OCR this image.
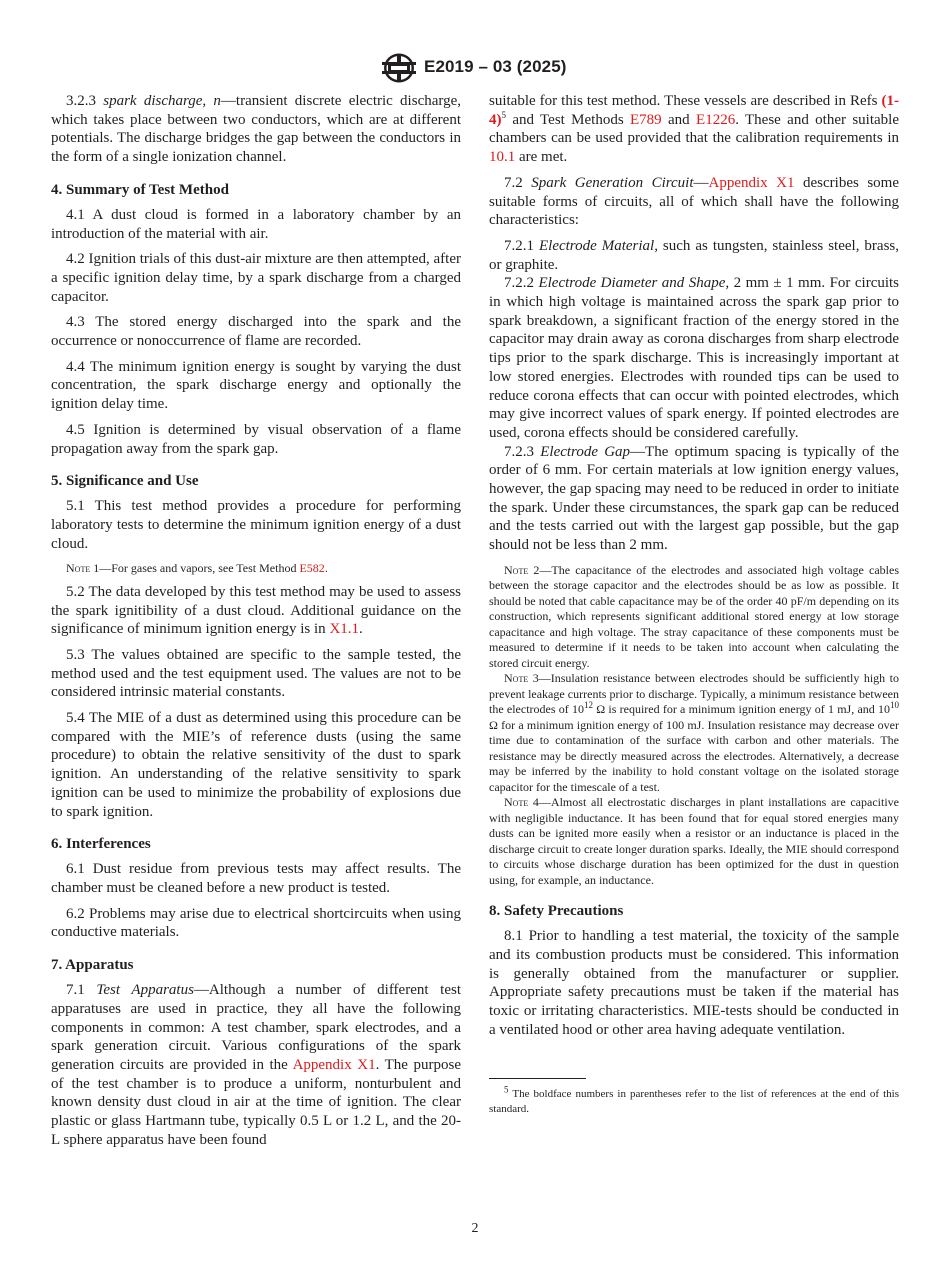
E2019 – 03 (2025)

3.2.3 spark discharge, n—transient discrete electric discharge, which takes place between two conductors, which are at different potentials. The discharge bridges the gap between the conductors in the form of a single ionization channel.

4. Summary of Test Method

4.1 A dust cloud is formed in a laboratory chamber by an introduction of the material with air.

4.2 Ignition trials of this dust-air mixture are then attempted, after a specific ignition delay time, by a spark discharge from a charged capacitor.

4.3 The stored energy discharged into the spark and the occurrence or nonoccurrence of flame are recorded.

4.4 The minimum ignition energy is sought by varying the dust concentration, the spark discharge energy and optionally the ignition delay time.

4.5 Ignition is determined by visual observation of a flame propagation away from the spark gap.

5. Significance and Use

5.1 This test method provides a procedure for performing laboratory tests to determine the minimum ignition energy of a dust cloud.

Note 1—For gases and vapors, see Test Method E582.

5.2 The data developed by this test method may be used to assess the spark ignitibility of a dust cloud. Additional guidance on the significance of minimum ignition energy is in X1.1.

5.3 The values obtained are specific to the sample tested, the method used and the test equipment used. The values are not to be considered intrinsic material constants.

5.4 The MIE of a dust as determined using this procedure can be compared with the MIE’s of reference dusts (using the same procedure) to obtain the relative sensitivity of the dust to spark ignition. An understanding of the relative sensitivity to spark ignition can be used to minimize the probability of explosions due to spark ignition.

6. Interferences

6.1 Dust residue from previous tests may affect results. The chamber must be cleaned before a new product is tested.

6.2 Problems may arise due to electrical shortcircuits when using conductive materials.

7. Apparatus

7.1 Test Apparatus—Although a number of different test apparatuses are used in practice, they all have the following components in common: A test chamber, spark electrodes, and a spark generation circuit. Various configurations of the spark generation circuits are provided in the Appendix X1. The purpose of the test chamber is to produce a uniform, nonturbulent and known density dust cloud in air at the time of ignition. The clear plastic or glass Hartmann tube, typically 0.5 L or 1.2 L, and the 20-L sphere apparatus have been found

suitable for this test method. These vessels are described in Refs $(1-4)^5$ and Test Methods E789 and E1226. These and other suitable chambers can be used provided that the calibration requirements in 10.1 are met.

7.2 Spark Generation Circuit—Appendix X1 describes some suitable forms of circuits, all of which shall have the following characteristics:

7.2.1 Electrode Material, such as tungsten, stainless steel, brass, or graphite.

7.2.2 Electrode Diameter and Shape, 2 mm ± 1 mm. For circuits in which high voltage is maintained across the spark gap prior to spark breakdown, a significant fraction of the energy stored in the capacitor may drain away as corona discharges from sharp electrode tips prior to the spark discharge. This is increasingly important at low stored energies. Electrodes with rounded tips can be used to reduce corona effects that can occur with pointed electrodes, which may give incorrect values of spark energy. If pointed electrodes are used, corona effects should be considered carefully.

7.2.3 Electrode Gap—The optimum spacing is typically of the order of 6 mm. For certain materials at low ignition energy values, however, the gap spacing may need to be reduced in order to initiate the spark. Under these circumstances, the spark gap can be reduced and the tests carried out with the largest gap possible, but the gap should not be less than 2 mm.

Note 2—The capacitance of the electrodes and associated high voltage cables between the storage capacitor and the electrodes should be as low as possible. It should be noted that cable capacitance may be of the order 40 pF/m depending on its construction, which represents significant additional stored energy at low storage capacitance and high voltage. The stray capacitance of these components must be measured to determine if it needs to be taken into account when calculating the stored circuit energy.

Note 3—Insulation resistance between electrodes should be sufficiently high to prevent leakage currents prior to discharge. Typically, a minimum resistance between the electrodes of $10^{12}$ Ω is required for a minimum ignition energy of 1 mJ, and $10^{10}$ Ω for a minimum ignition energy of 100 mJ. Insulation resistance may decrease over time due to contamination of the surface with carbon and other materials. The resistance may be directly measured across the electrodes. Alternatively, a decrease may be inferred by the inability to hold constant voltage on the isolated storage capacitor for the timescale of a test.

Note 4—Almost all electrostatic discharges in plant installations are capacitive with negligible inductance. It has been found that for equal stored energies many dusts can be ignited more easily when a resistor or an inductance is placed in the discharge circuit to create longer duration sparks. Ideally, the MIE should correspond to circuits whose discharge duration has been optimized for the dust in question using, for example, an inductance.

8. Safety Precautions

8.1 Prior to handling a test material, the toxicity of the sample and its combustion products must be considered. This information is generally obtained from the manufacturer or supplier. Appropriate safety precautions must be taken if the material has toxic or irritating characteristics. MIE-tests should be conducted in a ventilated hood or other area having adequate ventilation.

$^5$ The boldface numbers in parentheses refer to the list of references at the end of this standard.

2
